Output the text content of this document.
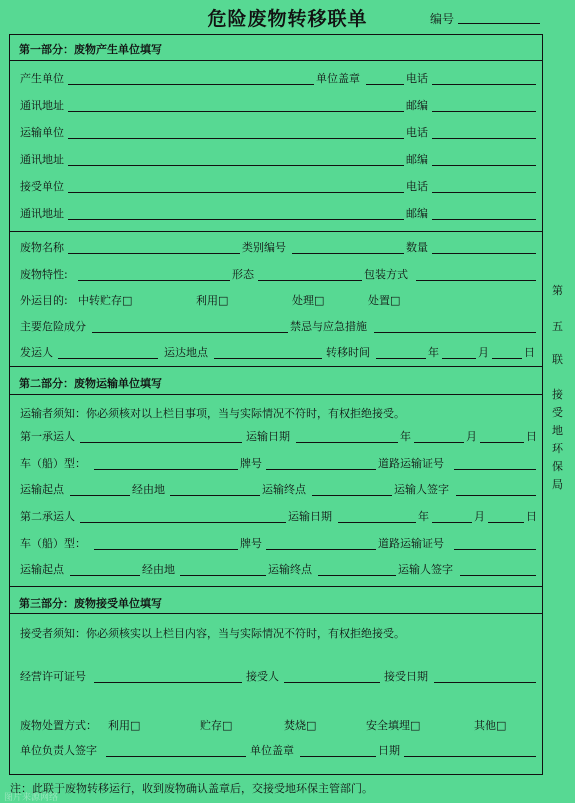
危险废物转移联单	编号
第一部分：废物产生单位填写
产生单位	单位盖章	电话
通讯地址	邮编
运输单位	电话
通讯地址	邮编
接受单位	电话
通讯地址	邮编
废物名称	类别编号	数量
废物特性:	形态	包装方式
外运目的: 中转贮存□	利用□	处理□	处置□
主要危险成分	禁忌与应急措施
发运人	运达地点	转移时间	年	月	日
第二部分：废物运输单位填写
运输者须知：你必须核对以上栏目事项，当与实际情况不符时，有权拒绝接受。
第一承运人	运输日期	年	月	日
车（船）型：	牌号	道路运输证号
运输起点	经由地	运输终点	运输人签字
第二承运人	运输日期	年	月	日
车（船）型：	牌号	道路运输证号
运输起点	经由地	运输终点	运输人签字
第三部分：废物接受单位填写
接受者须知：你必须核实以上栏目内容，当与实际情况不符时，有权拒绝接受。
经营许可证号	接受人	接受日期
废物处置方式： 利用□	贮存□	焚烧□	安全填埋□	其他□
单位负责人签字	单位盖章	日期
第
五
联
接
受
地
环
保
局
注：此联于废物转移运行，收到废物确认盖章后，交接受地环保主管部门。
图片来源网络
